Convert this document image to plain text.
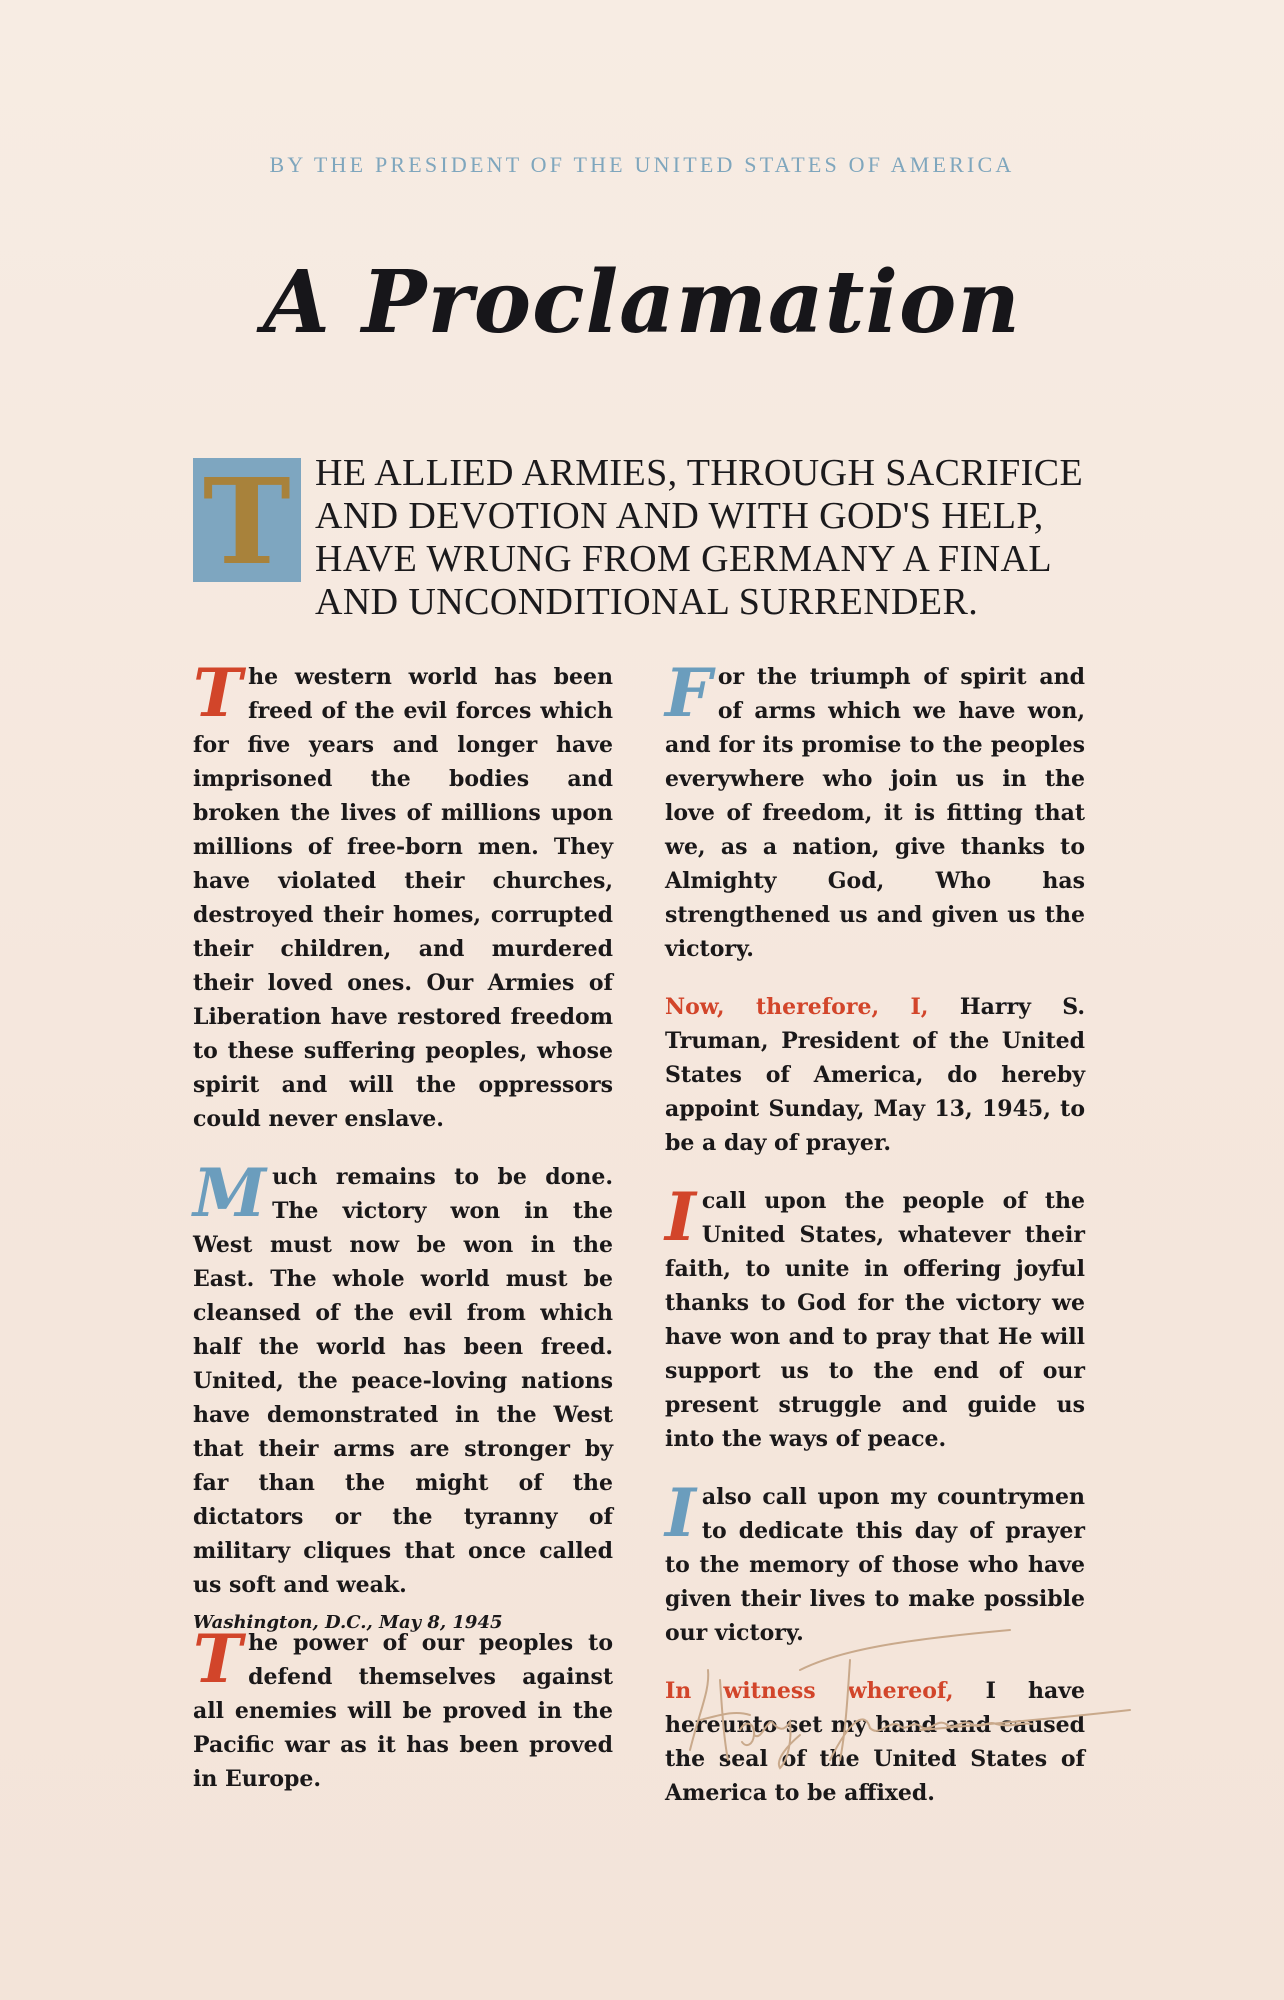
BY THE PRESIDENT OF THE UNITED STATES OF AMERICA
A Proclamation
T HE ALLIED ARMIES, THROUGH SACRIFICE AND DEVOTION AND WITH GOD'S HELP, HAVE WRUNG FROM GERMANY A FINAL AND UNCONDITIONAL SURRENDER.

T he western world has been freed of the evil forces which for five years and longer have imprisoned the bodies and broken the lives of millions upon millions of free-born men. They have violated their churches, destroyed their homes, corrupted their children, and murdered their loved ones. Our Armies of Liberation have restored freedom to these suffering peoples, whose spirit and will the oppressors could never enslave.

M uch remains to be done. The victory won in the West must now be won in the East. The whole world must be cleansed of the evil from which half the world has been freed. United, the peace-loving nations have demonstrated in the West that their arms are stronger by far than the might of the dictators or the tyranny of military cliques that once called us soft and weak.

T he power of our peoples to defend themselves against all enemies will be proved in the Pacific war as it has been proved in Europe.

F or the triumph of spirit and of arms which we have won, and for its promise to the peoples everywhere who join us in the love of freedom, it is fitting that we, as a nation, give thanks to Almighty God, Who has strengthened us and given us the victory.

Now, therefore, I, Harry S. Truman, President of the United States of America, do hereby appoint Sunday, May 13, 1945, to be a day of prayer.

I call upon the people of the United States, whatever their faith, to unite in offering joyful thanks to God for the victory we have won and to pray that He will support us to the end of our present struggle and guide us into the ways of peace.

I also call upon my countrymen to dedicate this day of prayer to the memory of those who have given their lives to make possible our victory.

In witness whereof, I have hereunto set my hand and caused the seal of the United States of America to be affixed.

Washington, D.C., May 8, 1945
